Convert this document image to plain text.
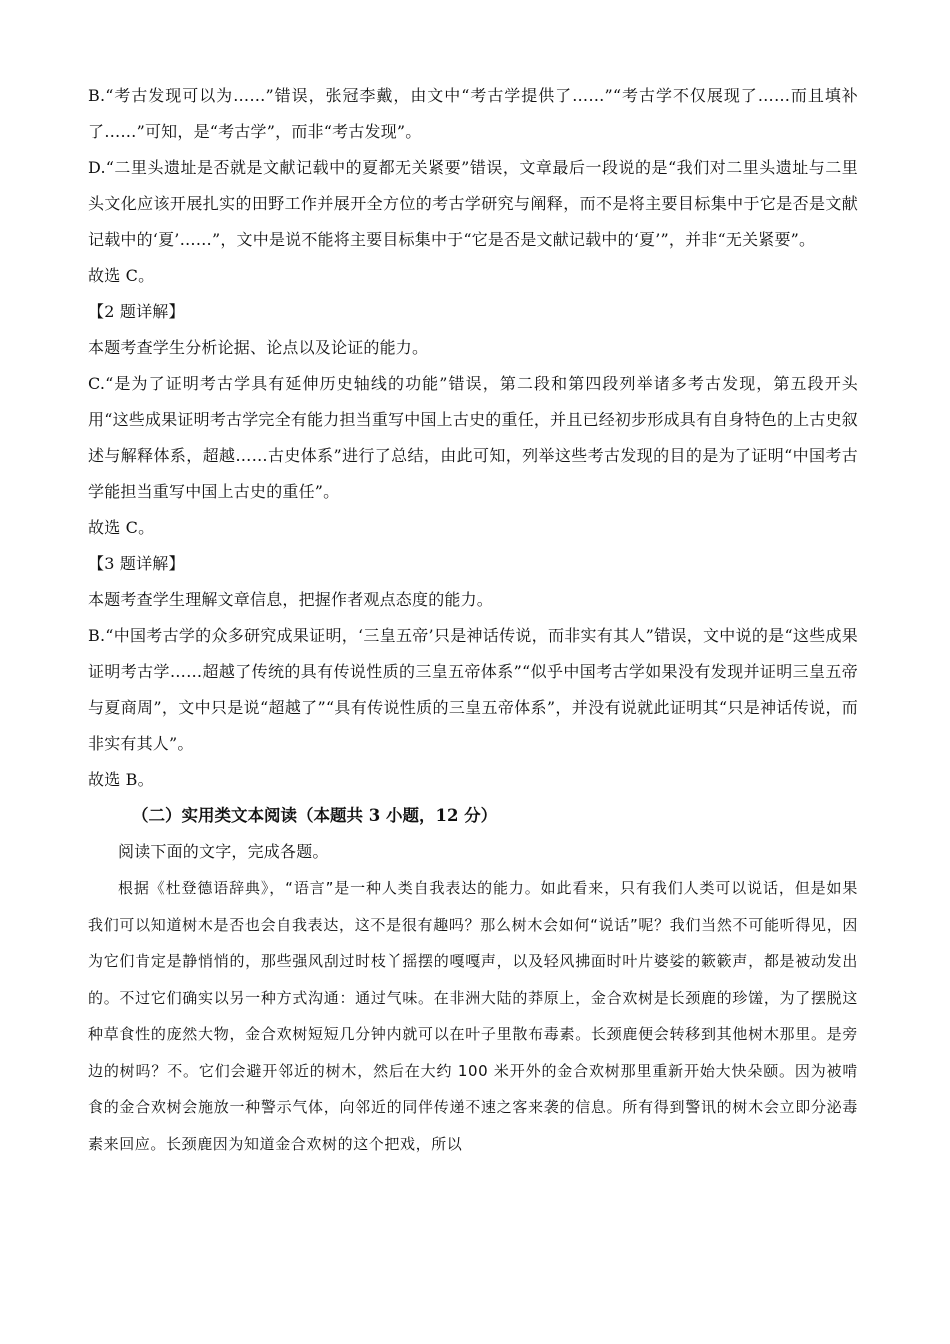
B.“考古发现可以为……”错误，张冠李戴，由文中“考古学提供了……”“考古学不仅展现了……而且填补了……”可知，是“考古学”，而非“考古发现”。

D.“二里头遗址是否就是文献记载中的夏都无关紧要”错误，文章最后一段说的是“我们对二里头遗址与二里头文化应该开展扎实的田野工作并展开全方位的考古学研究与阐释，而不是将主要目标集中于它是否是文献记载中的‘夏’……”，文中是说不能将主要目标集中于“它是否是文献记载中的‘夏’”，并非“无关紧要”。

故选 C。

【2 题详解】

本题考查学生分析论据、论点以及论证的能力。

C.“是为了证明考古学具有延伸历史轴线的功能”错误，第二段和第四段列举诸多考古发现，第五段开头用“这些成果证明考古学完全有能力担当重写中国上古史的重任，并且已经初步形成具有自身特色的上古史叙述与解释体系，超越……古史体系”进行了总结，由此可知，列举这些考古发现的目的是为了证明“中国考古学能担当重写中国上古史的重任”。

故选 C。

【3 题详解】

本题考查学生理解文章信息，把握作者观点态度的能力。

B.“中国考古学的众多研究成果证明，‘三皇五帝’只是神话传说，而非实有其人”错误，文中说的是“这些成果证明考古学……超越了传统的具有传说性质的三皇五帝体系”“似乎中国考古学如果没有发现并证明三皇五帝与夏商周”，文中只是说“超越了”“具有传说性质的三皇五帝体系”，并没有说就此证明其“只是神话传说，而非实有其人”。

故选 B。

（二）实用类文本阅读（本题共 3 小题，12 分）

阅读下面的文字，完成各题。

根据《杜登德语辞典》，“语言”是一种人类自我表达的能力。如此看来，只有我们人类可以说话，但是如果我们可以知道树木是否也会自我表达，这不是很有趣吗？那么树木会如何“说话”呢？我们当然不可能听得见，因为它们肯定是静悄悄的，那些强风刮过时枝丫摇摆的嘎嘎声，以及轻风拂面时叶片婆娑的簌簌声，都是被动发出的。不过它们确实以另一种方式沟通：通过气味。在非洲大陆的莽原上，金合欢树是长颈鹿的珍馐，为了摆脱这种草食性的庞然大物，金合欢树短短几分钟内就可以在叶子里散布毒素。长颈鹿便会转移到其他树木那里。是旁边的树吗？不。它们会避开邻近的树木，然后在大约 100 米开外的金合欢树那里重新开始大快朵颐。因为被啃食的金合欢树会施放一种警示气体，向邻近的同伴传递不速之客来袭的信息。所有得到警讯的树木会立即分泌毒素来回应。长颈鹿因为知道金合欢树的这个把戏，所以
